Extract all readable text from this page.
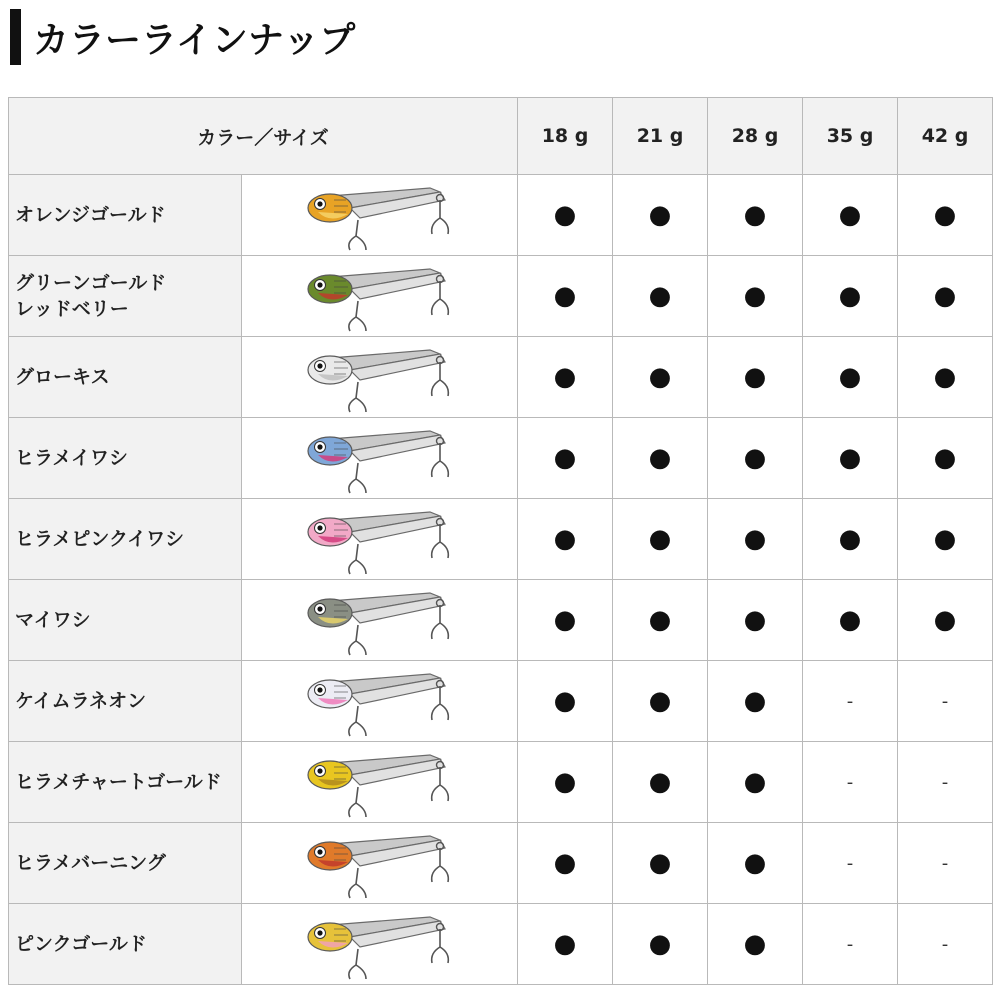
カラーラインナップ
カラー／サイズ		18 g	21 g	28 g	35 g	42 g
オレンジゴールド		●	●	●	●	●
グリーンゴールド
レッドベリー		●	●	●	●	●
グローキス		●	●	●	●	●
ヒラメイワシ		●	●	●	●	●
ヒラメピンクイワシ		●	●	●	●	●
マイワシ		●	●	●	●	●
ケイムラネオン		●	●	●	-	-
ヒラメチャートゴールド		●	●	●	-	-
ヒラメバーニング		●	●	●	-	-
ピンクゴールド		●	●	●	-	-
